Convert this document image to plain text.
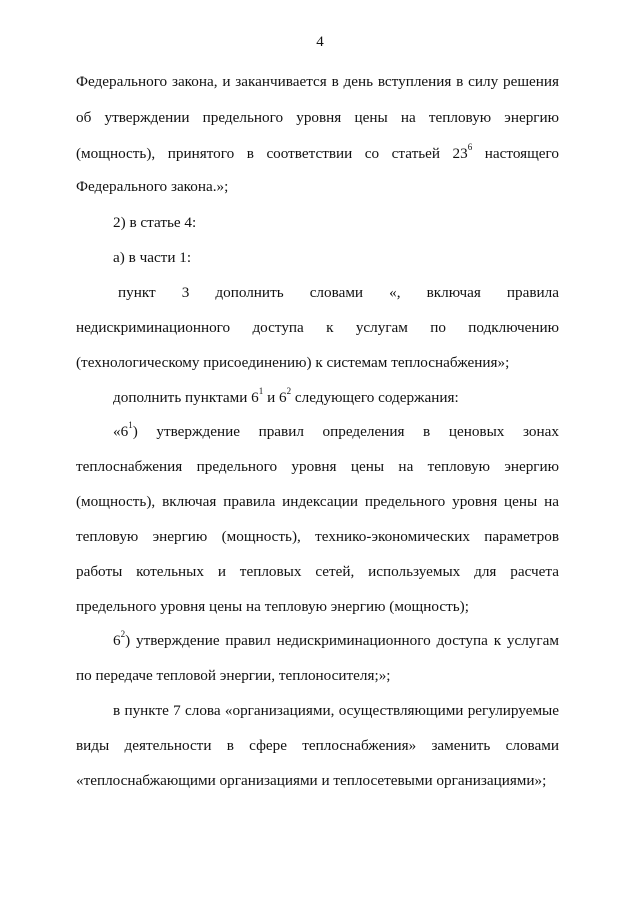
4
Федерального закона, и заканчивается в день вступления в силу решения
об утверждении предельного уровня цены на тепловую энергию
(мощность), принятого в соответствии со статьей $23^6$ настоящего
Федерального закона.»;
2) в статье 4:
а) в части 1:
пункт 3 дополнить словами «, включая правила
недискриминационного доступа к услугам по подключению
(технологическому присоединению) к системам теплоснабжения»;
дополнить пунктами $6^1$ и $6^2$ следующего содержания:
«$6^1$) утверждение правил определения в ценовых зонах
теплоснабжения предельного уровня цены на тепловую энергию
(мощность), включая правила индексации предельного уровня цены на
тепловую энергию (мощность), технико-экономических параметров
работы котельных и тепловых сетей, используемых для расчета
предельного уровня цены на тепловую энергию (мощность);
$6^2$) утверждение правил недискриминационного доступа к услугам
по передаче тепловой энергии, теплоносителя;»;
в пункте 7 слова «организациями, осуществляющими регулируемые
виды деятельности в сфере теплоснабжения» заменить словами
«теплоснабжающими организациями и теплосетевыми организациями»;
